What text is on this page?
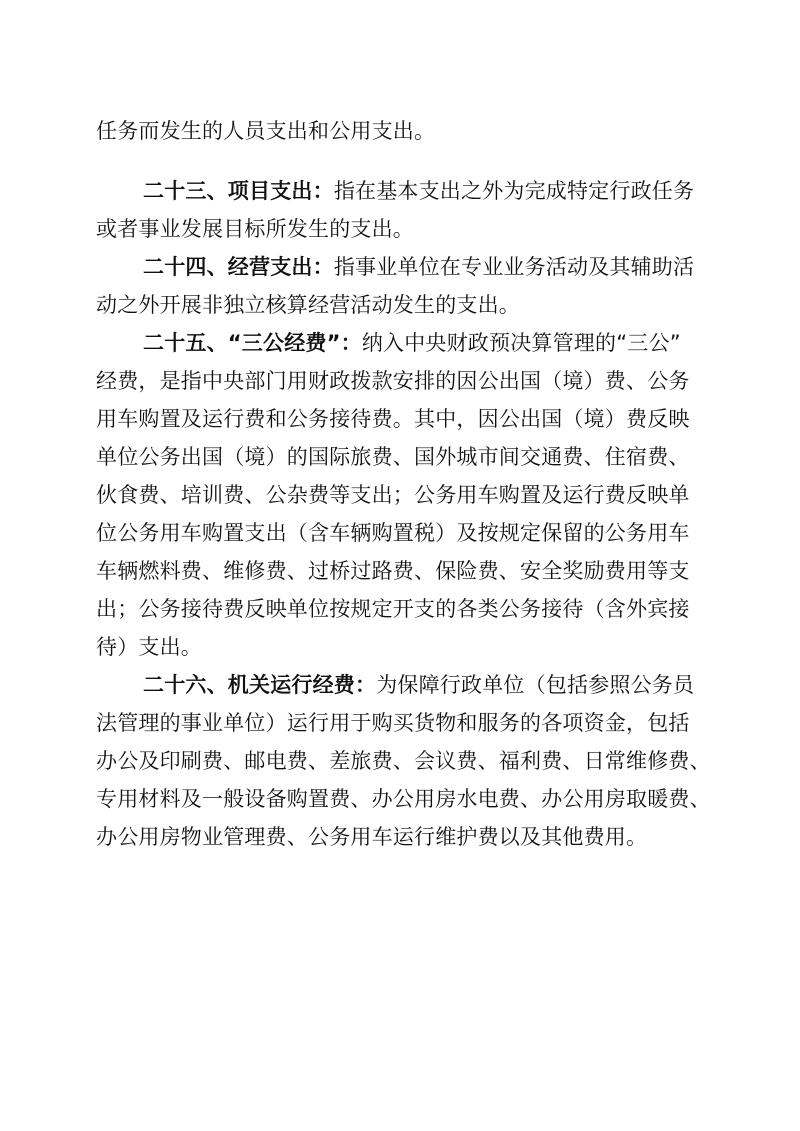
任务而发生的人员支出和公用支出。
二十三、项目支出：指在基本支出之外为完成特定行政任务
或者事业发展目标所发生的支出。
二十四、经营支出：指事业单位在专业业务活动及其辅助活
动之外开展非独立核算经营活动发生的支出。
二十五、“三公经费”：纳入中央财政预决算管理的“三公”
经费，是指中央部门用财政拨款安排的因公出国（境）费、公务
用车购置及运行费和公务接待费。其中，因公出国（境）费反映
单位公务出国（境）的国际旅费、国外城市间交通费、住宿费、
伙食费、培训费、公杂费等支出；公务用车购置及运行费反映单
位公务用车购置支出（含车辆购置税）及按规定保留的公务用车
车辆燃料费、维修费、过桥过路费、保险费、安全奖励费用等支
出；公务接待费反映单位按规定开支的各类公务接待（含外宾接
待）支出。
二十六、机关运行经费：为保障行政单位（包括参照公务员
法管理的事业单位）运行用于购买货物和服务的各项资金，包括
办公及印刷费、邮电费、差旅费、会议费、福利费、日常维修费、
专用材料及一般设备购置费、办公用房水电费、办公用房取暖费、
办公用房物业管理费、公务用车运行维护费以及其他费用。
